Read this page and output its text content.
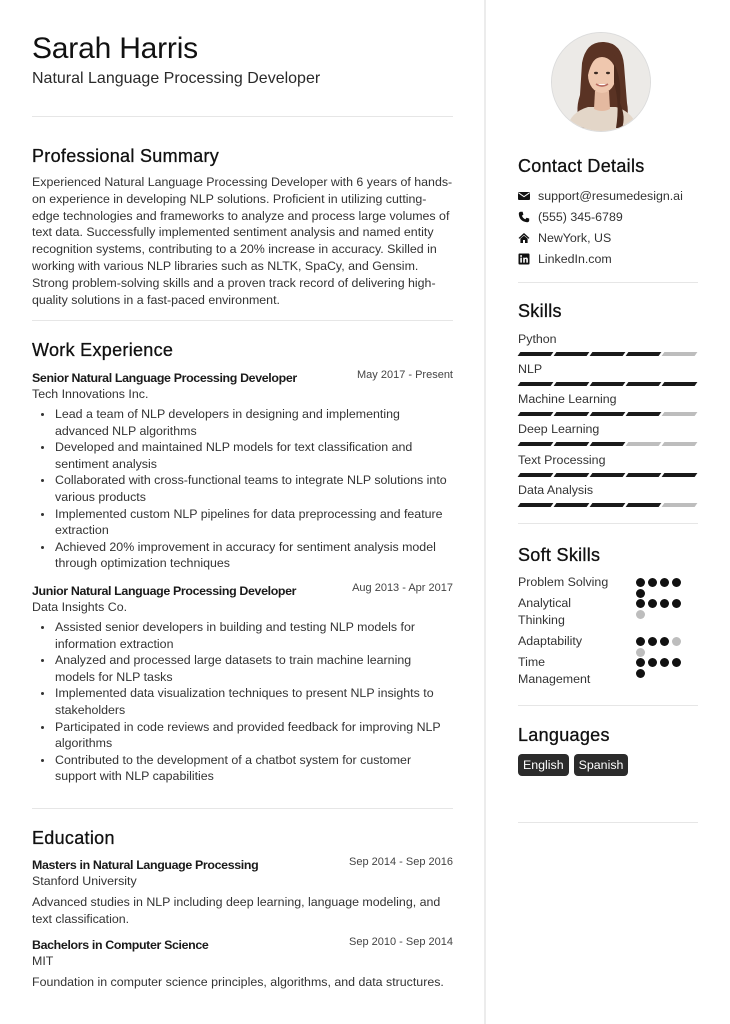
Sarah Harris
Natural Language Processing Developer
Professional Summary

Experienced Natural Language Processing Developer with 6 years of hands-on experience in developing NLP solutions. Proficient in utilizing cutting-edge technologies and frameworks to analyze and process large volumes of text data. Successfully implemented sentiment analysis and named entity recognition systems, contributing to a 20% increase in accuracy. Skilled in working with various NLP libraries such as NLTK, SpaCy, and Gensim. Strong problem-solving skills and a proven track record of delivering high-quality solutions in a fast-paced environment.

Work Experience
Senior Natural Language Processing Developer	May 2017 - Present
Tech Innovations Inc.
Lead a team of NLP developers in designing and implementing advanced NLP algorithms
Developed and maintained NLP models for text classification and sentiment analysis
Collaborated with cross-functional teams to integrate NLP solutions into various products
Implemented custom NLP pipelines for data preprocessing and feature extraction
Achieved 20% improvement in accuracy for sentiment analysis model through optimization techniques
Junior Natural Language Processing Developer	Aug 2013 - Apr 2017
Data Insights Co.
Assisted senior developers in building and testing NLP models for information extraction
Analyzed and processed large datasets to train machine learning models for NLP tasks
Implemented data visualization techniques to present NLP insights to stakeholders
Participated in code reviews and provided feedback for improving NLP algorithms
Contributed to the development of a chatbot system for customer support with NLP capabilities
Education
Masters in Natural Language Processing	Sep 2014 - Sep 2016
Stanford University

Advanced studies in NLP including deep learning, language modeling, and text classification.

Bachelors in Computer Science	Sep 2010 - Sep 2014
MIT

Foundation in computer science principles, algorithms, and data structures.

Contact Details
support@resumedesign.ai
(555) 345-6789
NewYork, US
LinkedIn.com
Skills
Python
NLP
Machine Learning
Deep Learning
Text Processing
Data Analysis
Soft Skills
Problem Solving
Analytical Thinking
Adaptability
Time Management
Languages
English	Spanish
